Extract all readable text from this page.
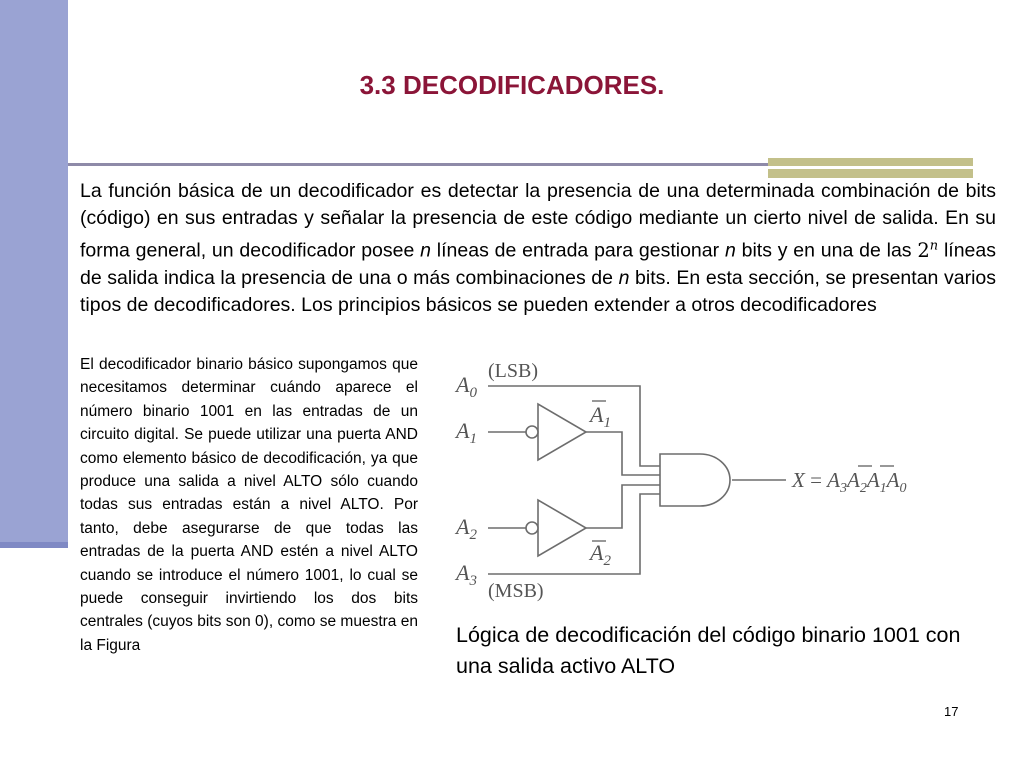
3.3 DECODIFICADORES.

La función básica de un decodificador es detectar la presencia de una determinada combinación de bits (código) en sus entradas y señalar la presencia de este código mediante un cierto nivel de salida. En su forma general, un decodificador posee n líneas de entrada para gestionar n bits y en una de las 2$^n$ líneas de salida indica la presencia de una o más combinaciones de n bits. En esta sección, se presentan varios tipos de decodificadores. Los principios básicos se pueden extender a otros decodificadores

El decodificador binario básico supongamos que necesitamos determinar cuándo aparece el número binario 1001 en las entradas de un circuito digital. Se puede utilizar una puerta AND como elemento básico de decodificación, ya que produce una salida a nivel ALTO sólo cuando todas sus entradas están a nivel ALTO. Por tanto, debe asegurarse de que todas las entradas de la puerta AND estén a nivel ALTO cuando se introduce el número 1001, lo cual se puede conseguir invirtiendo los dos bits centrales (cuyos bits son 0), como se muestra en la Figura

(LSB)
(MSB)
$A_0$
$A_1$
$A_2$
$A_3$
$A_1$
$A_2$
$X = A_3A_2A_1A_0$

Lógica de decodificación del código binario 1001 con una salida activo ALTO

17
